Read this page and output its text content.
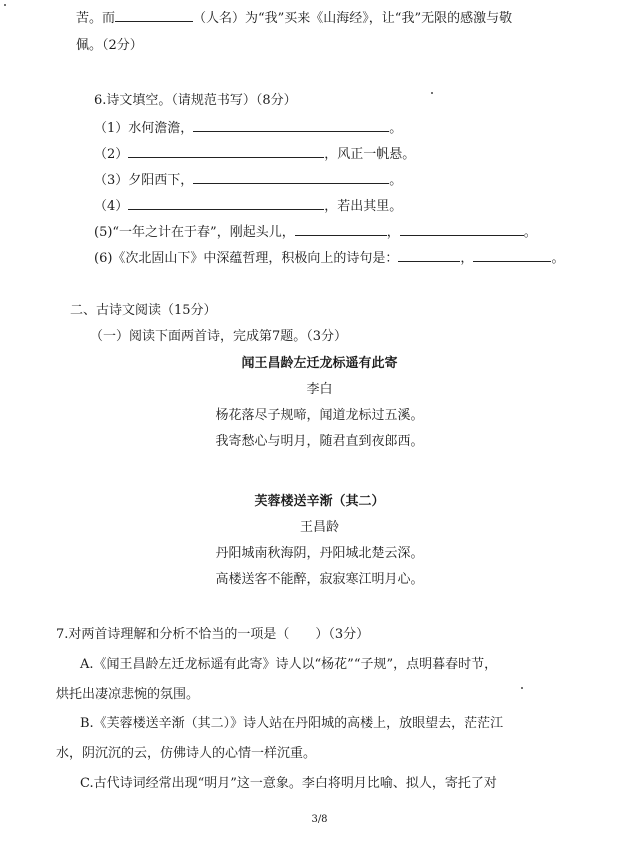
苦。而	（人名）为“我”买来《山海经》，让“我”无限的感激与敬
佩。（2分）
6.诗文填空。（请规范书写）（8分）
（1）水何澹澹，	。
（2）	，风正一帆悬。
（3）夕阳西下，	。
（4）	，若出其里。
(5)“一年之计在于春”，刚起头儿，	，	。
(6)《次北固山下》中深蕴哲理，积极向上的诗句是：	，	。
二、古诗文阅读（15分）
（一）阅读下面两首诗，完成第7题。（3分）
闻王昌龄左迁龙标遥有此寄
李白
杨花落尽子规啼，闻道龙标过五溪。
我寄愁心与明月，随君直到夜郎西。
芙蓉楼送辛渐（其二）
王昌龄
丹阳城南秋海阴，丹阳城北楚云深。
高楼送客不能醉，寂寂寒江明月心。
7.对两首诗理解和分析不恰当的一项是（　　）（3分）
A.《闻王昌龄左迁龙标遥有此寄》诗人以“杨花”“子规”，点明暮春时节，
烘托出凄凉悲惋的氛围。
B.《芙蓉楼送辛渐（其二）》诗人站在丹阳城的高楼上，放眼望去，茫茫江
水，阴沉沉的云，仿佛诗人的心情一样沉重。
C.古代诗词经常出现“明月”这一意象。李白将明月比喻、拟人，寄托了对
3/8
